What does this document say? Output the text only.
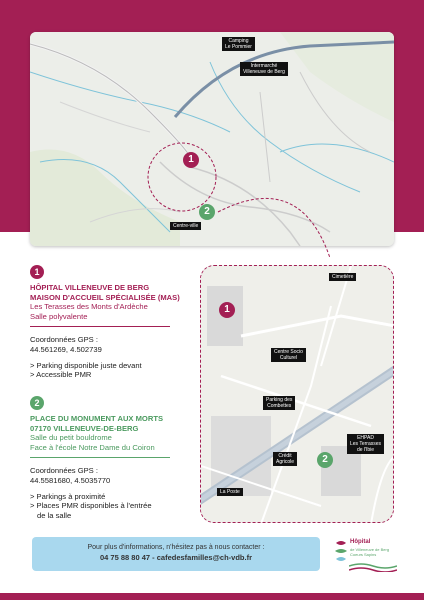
Camping
Le Pommier
Intermarché
Villeneuve de Berg
Centre-ville
1
2
Cimetière
Centre Socio
Culturel
Parking des
Combettes
EHPAD
Les Terrasses
de l'Ibie
Crédit
Agricole
La Poste
1
2
1
HÔPITAL VILLENEUVE DE BERG
MAISON D'ACCUEIL SPÉCIALISÉE (MAS)
Les Terasses des Monts d'Ardèche
Salle polyvalente
Coordonnées GPS :
44.561269, 4.502739
> Parking disponible juste devant
> Accessible PMR
2
PLACE DU MONUMENT AUX MORTS
07170 VILLENEUVE-DE-BERG
Salle du petit bouldrome
Face à l'école Notre Dame du Coiron
Coordonnées GPS :
44.5581680, 4.5035770
> Parkings à proximité
> Places PMR disponibles à l'entrée
de la salle
Pour plus d'informations, n'hésitez pas à nous contacter :
04 75 88 80 47 - cafedesfamilles@ch-vdb.fr
Hôpital
de Villeneuve de Berg
Coeurs Sapins
